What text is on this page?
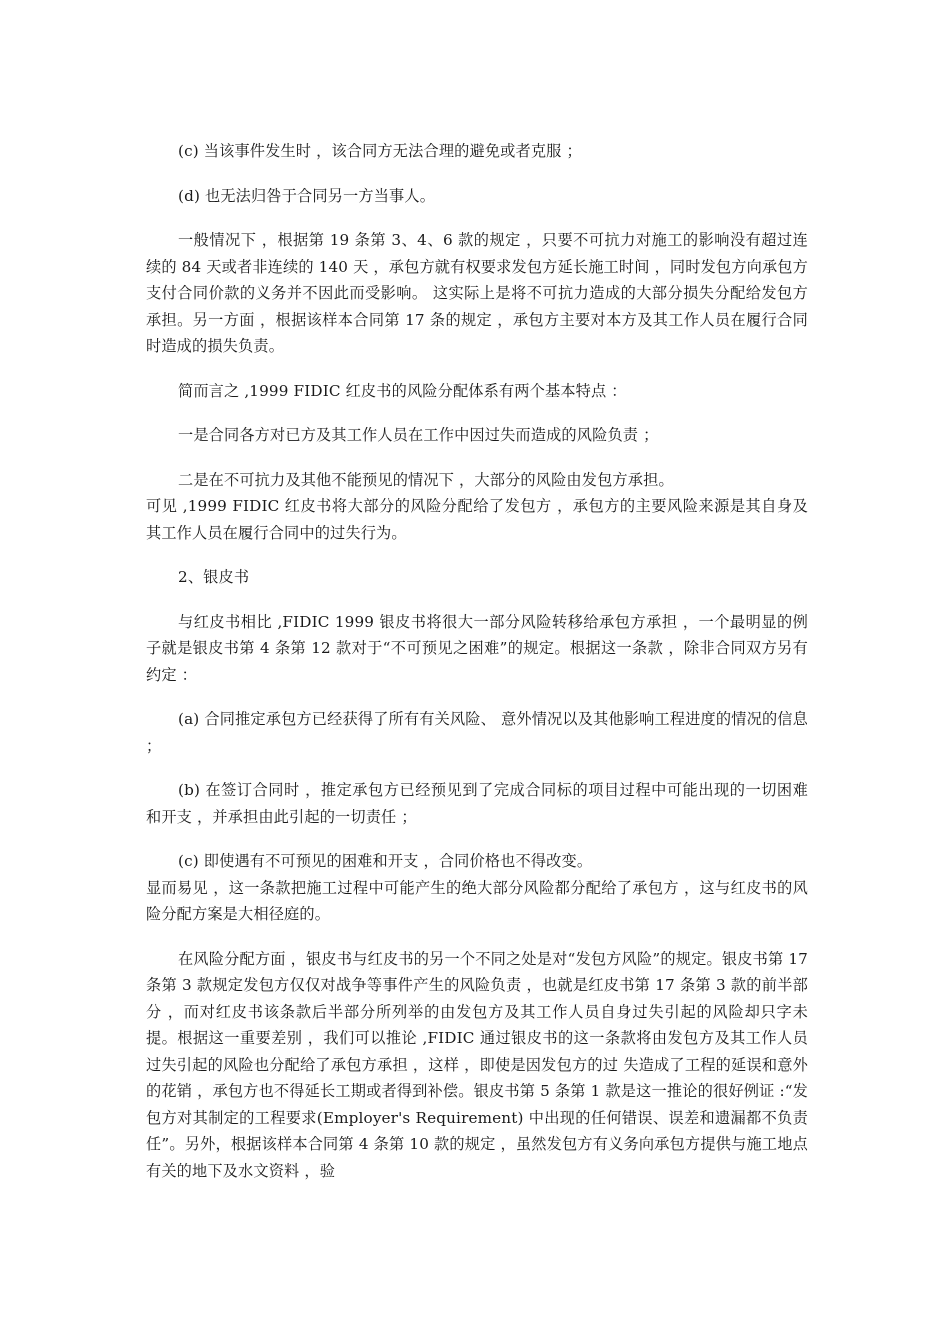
(c) 当该事件发生时 ，该合同方无法合理的避免或者克服 ；

(d) 也无法归咎于合同另一方当事人。

一般情况下 ，根据第 19 条第 3、4、6 款的规定 ，只要不可抗力对施工的影响没有超过连续的 84 天或者非连续的 140 天 ，承包方就有权要求发包方延长施工时间 ，同时发包方向承包方支付合同价款的义务并不因此而受影响。 这实际上是将不可抗力造成的大部分损失分配给发包方承担。另一方面 ，根据该样本合同第 17 条的规定 ，承包方主要对本方及其工作人员在履行合同时造成的损失负责。

简而言之 ,1999 FIDIC 红皮书的风险分配体系有两个基本特点 ：

一是合同各方对已方及其工作人员在工作中因过失而造成的风险负责 ；

二是在不可抗力及其他不能预见的情况下 ，大部分的风险由发包方承担。

可见 ,1999 FIDIC 红皮书将大部分的风险分配给了发包方 ，承包方的主要风险来源是其自身及其工作人员在履行合同中的过失行为。

2、银皮书

与红皮书相比 ,FIDIC 1999 银皮书将很大一部分风险转移给承包方承担 ，一个最明显的例子就是银皮书第 4 条第 12 款对于“不可预见之困难”的规定。根据这一条款 ，除非合同双方另有约定 ：

(a) 合同推定承包方已经获得了所有有关风险、 意外情况以及其他影响工程进度的情况的信息 ；

(b) 在签订合同时 ，推定承包方已经预见到了完成合同标的项目过程中可能出现的一切困难和开支 ，并承担由此引起的一切责任 ；

(c) 即使遇有不可预见的困难和开支 ，合同价格也不得改变。

显而易见 ，这一条款把施工过程中可能产生的绝大部分风险都分配给了承包方 ，这与红皮书的风险分配方案是大相径庭的。

在风险分配方面 ，银皮书与红皮书的另一个不同之处是对“发包方风险”的规定。银皮书第 17 条第 3 款规定发包方仅仅对战争等事件产生的风险负责 ，也就是红皮书第 17 条第 3 款的前半部分 ，而对红皮书该条款后半部分所列举的由发包方及其工作人员自身过失引起的风险却只字未提。根据这一重要差别 ，我们可以推论 ,FIDIC 通过银皮书的这一条款将由发包方及其工作人员过失引起的风险也分配给了承包方承担 ，这样 ，即使是因发包方的过 失造成了工程的延误和意外的花销 ，承包方也不得延长工期或者得到补偿。银皮书第 5 条第 1 款是这一推论的很好例证 :“发包方对其制定的工程要求(Employer's Requirement) 中出现的任何错误、误差和遗漏都不负责任”。另外，根据该样本合同第 4 条第 10 款的规定 ，虽然发包方有义务向承包方提供与施工地点有关的地下及水文资料 ，验
